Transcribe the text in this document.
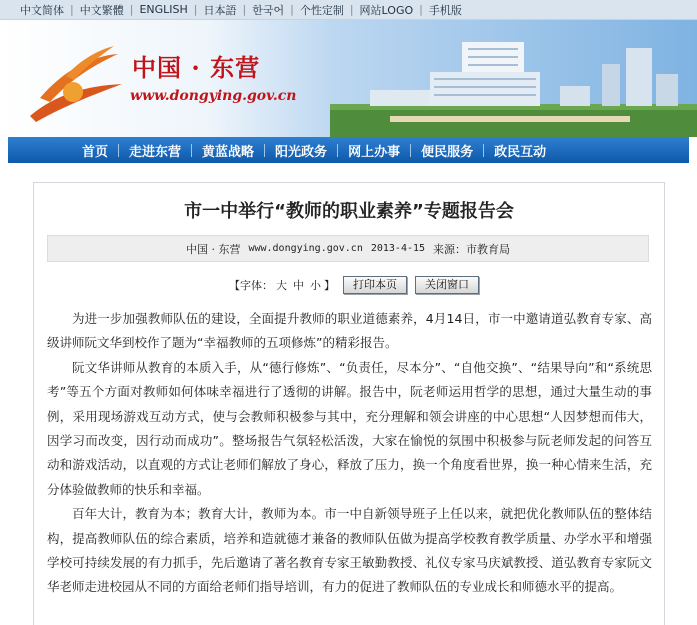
中文简体 | 中文繁體 | ENGLISH | 日本語 | 한국어 | 个性定制 | 网站LOGO | 手机版
中国 · 东营
www.dongying.gov.cn
首页	走进东营	黄蓝战略	阳光政务	网上办事	便民服务	政民互动
市一中举行“教师的职业素养”专题报告会
中国 · 东营 www.dongying.gov.cn 2013-4-15 来源：市教育局
【字体： 大 中 小 】	打印本页	关闭窗口

为进一步加强教师队伍的建设，全面提升教师的职业道德素养，4月14日，市一中邀请道弘教育专家、高级讲师阮文华到校作了题为“幸福教师的五项修炼”的精彩报告。

阮文华讲师从教育的本质入手，从“德行修炼”、“负责任，尽本分”、“自他交换”、“结果导向”和“系统思考”等五个方面对教师如何体味幸福进行了透彻的讲解。报告中，阮老师运用哲学的思想，通过大量生动的事例，采用现场游戏互动方式，使与会教师积极参与其中，充分理解和领会讲座的中心思想“人因梦想而伟大，因学习而改变，因行动而成功”。整场报告气氛轻松活泼，大家在愉悦的氛围中积极参与阮老师发起的问答互动和游戏活动，以直观的方式让老师们解放了身心，释放了压力，换一个角度看世界，换一种心情来生活，充分体验做教师的快乐和幸福。

百年大计，教育为本；教育大计，教师为本。市一中自新领导班子上任以来，就把优化教师队伍的整体结构，提高教师队伍的综合素质，培养和造就德才兼备的教师队伍做为提高学校教育教学质量、办学水平和增强学校可持续发展的有力抓手，先后邀请了著名教育专家王敏勤教授、礼仪专家马庆斌教授、道弘教育专家阮文华老师走进校园从不同的方面给老师们指导培训，有力的促进了教师队伍的专业成长和师德水平的提高。
